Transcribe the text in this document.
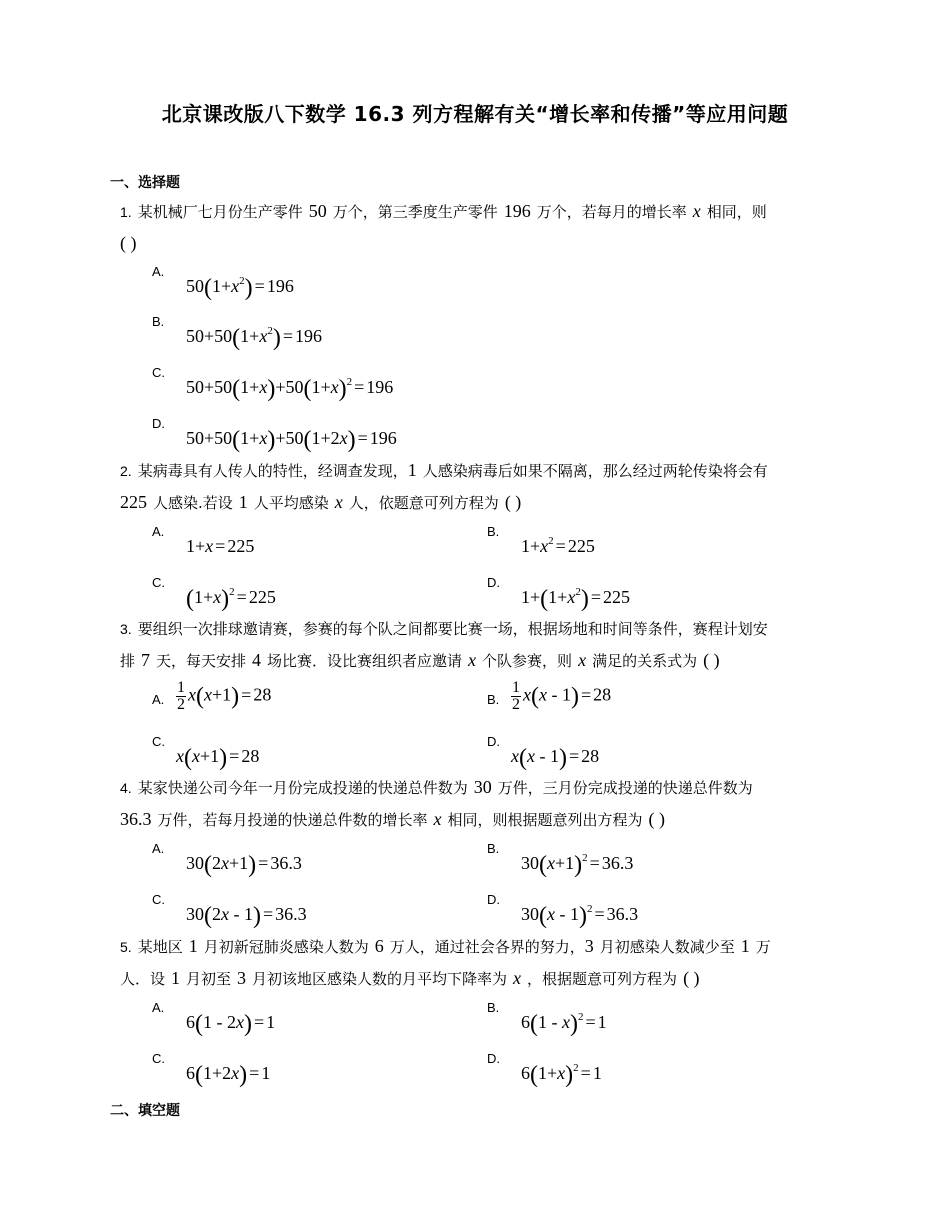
北京课改版八下数学 16.3 列方程解有关“增长率和传播”等应用问题
一、选择题
1. 某机械厂七月份生产零件 50 万个，第三季度生产零件 196 万个，若每月的增长率 x 相同，则
( )
A.
$50(1+x^2) = 196$
B.
$50+50(1+x^2) = 196$
C.
$50+50(1+x)+50(1+x)^2 = 196$
D.
50+50(1+x)+50(1+2x) = 196
2. 某病毒具有人传人的特性，经调查发现，1 人感染病毒后如果不隔离，那么经过两轮传染将会有
225 人感染.若设 1 人平均感染 x 人，依题意可列方程为 ( )
A.
1+x = 225
B.
$1+x^2 = 225$
C.
$(1+x)^2 = 225$
D.
$1+(1+x^2) = 225$
3. 要组织一次排球邀请赛，参赛的每个队之间都要比赛一场，根据场地和时间等条件，赛程计划安
排 7 天，每天安排 4 场比赛．设比赛组织者应邀请 x 个队参赛，则 x 满足的关系式为 ( )
A. $\frac{1}{2} x(x+1) = 28$	B. $\frac{1}{2} x(x - 1) = 28$
C.
x(x+1) = 28
D.
x(x - 1) = 28
4. 某家快递公司今年一月份完成投递的快递总件数为 30 万件，三月份完成投递的快递总件数为
36.3 万件，若每月投递的快递总件数的增长率 x 相同，则根据题意列出方程为 ( )
A.
30(2x+1) = 36.3
B.
$30(x+1)^2 = 36.3$
C.
30(2x - 1) = 36.3
D.
30(x - 1)$^2$ = 36.3
5. 某地区 1 月初新冠肺炎感染人数为 6 万人，通过社会各界的努力，3 月初感染人数减少至 1 万
人．设 1 月初至 3 月初该地区感染人数的月平均下降率为 x ，根据题意可列方程为 ( )
A.
6(1 - 2x) = 1
B.
6(1 - x)$^2$ = 1
C.
6(1+2x) = 1
D.
$6(1+x)^2 = 1$
二、填空题
